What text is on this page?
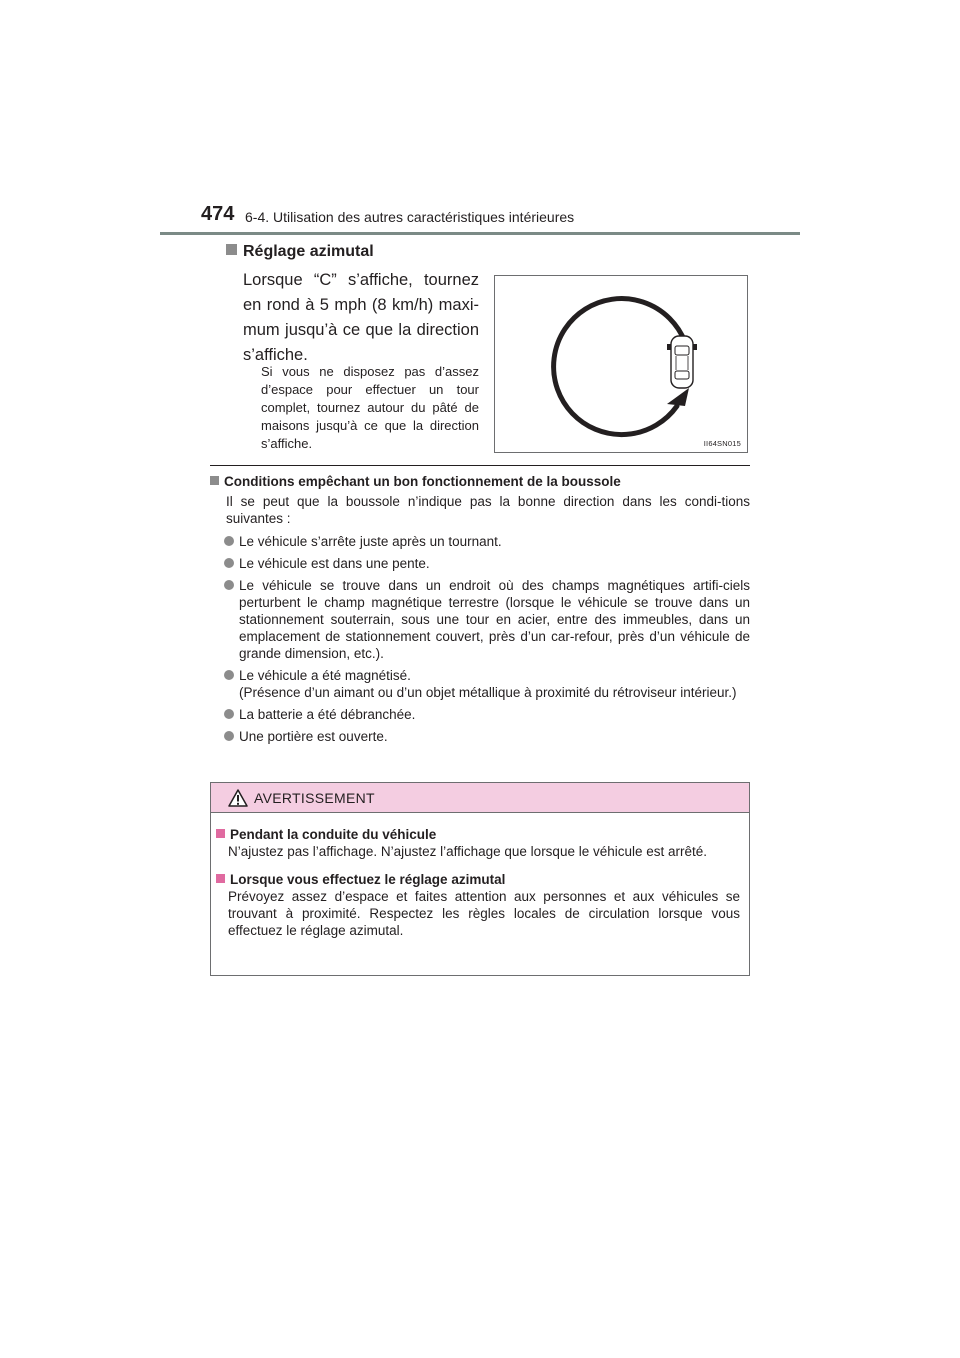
474 6-4. Utilisation des autres caractéristiques intérieures
Réglage azimutal
Lorsque “C” s’affiche, tournez en rond à 5 mph (8 km/h) maxi-mum jusqu’à ce que la direction s’affiche.
Si vous ne disposez pas d’assez d’espace pour effectuer un tour complet, tournez autour du pâté de maisons jusqu’à ce que la direction s’affiche.	II64SN015
Conditions empêchant un bon fonctionnement de la boussole
Il se peut que la boussole n’indique pas la bonne direction dans les condi-tions suivantes :
Le véhicule s’arrête juste après un tournant.
Le véhicule est dans une pente.
Le véhicule se trouve dans un endroit où des champs magnétiques artifi-ciels perturbent le champ magnétique terrestre (lorsque le véhicule se trouve dans un stationnement souterrain, sous une tour en acier, entre des immeubles, dans un emplacement de stationnement couvert, près d’un car-refour, près d’un véhicule de grande dimension, etc.).
Le véhicule a été magnétisé.
(Présence d’un aimant ou d’un objet métallique à proximité du rétroviseur intérieur.)
La batterie a été débranchée.
Une portière est ouverte.
AVERTISSEMENT
Pendant la conduite du véhicule
N’ajustez pas l’affichage. N’ajustez l’affichage que lorsque le véhicule est arrêté.
Lorsque vous effectuez le réglage azimutal
Prévoyez assez d’espace et faites attention aux personnes et aux véhicules se trouvant à proximité. Respectez les règles locales de circulation lorsque vous effectuez le réglage azimutal.
